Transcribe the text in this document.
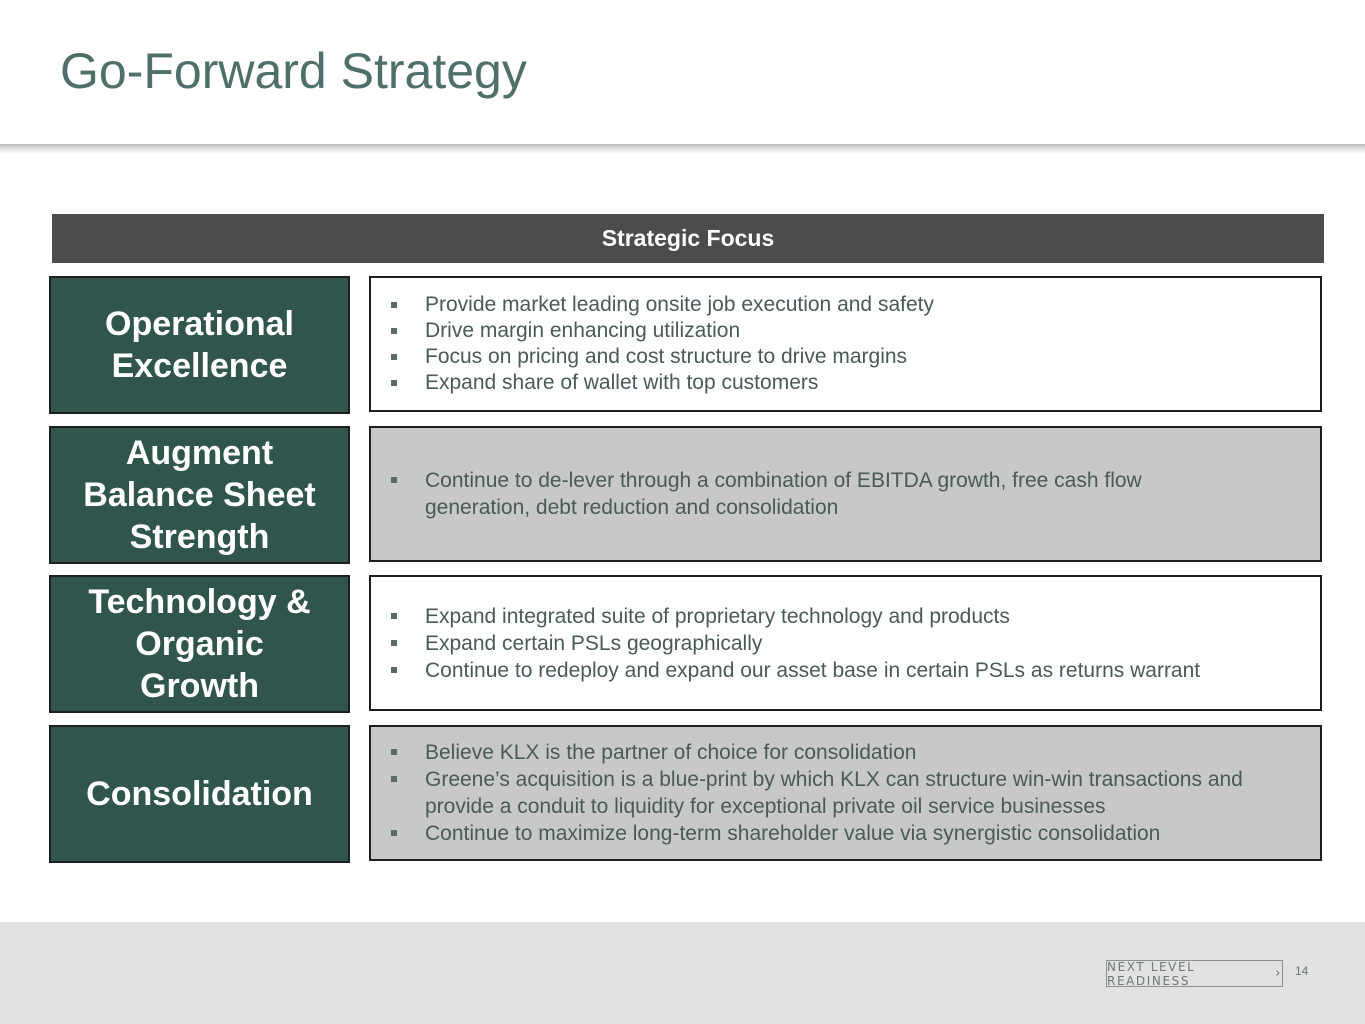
Go-Forward Strategy
Strategic Focus
Operational
Excellence
Provide market leading onsite job execution and safety
Drive margin enhancing utilization
Focus on pricing and cost structure to drive margins
Expand share of wallet with top customers
Augment
Balance Sheet
Strength
Continue to de-lever through a combination of EBITDA growth, free cash flow generation, debt reduction and consolidation
Technology &
Organic
Growth
Expand integrated suite of proprietary technology and products
Expand certain PSLs geographically
Continue to redeploy and expand our asset base in certain PSLs as returns warrant
Consolidation
Believe KLX is the partner of choice for consolidation
Greene’s acquisition is a blue-print by which KLX can structure win-win transactions and provide a conduit to liquidity for exceptional private oil service businesses
Continue to maximize long-term shareholder value via synergistic consolidation
NEXT LEVEL READINESS	› 14
